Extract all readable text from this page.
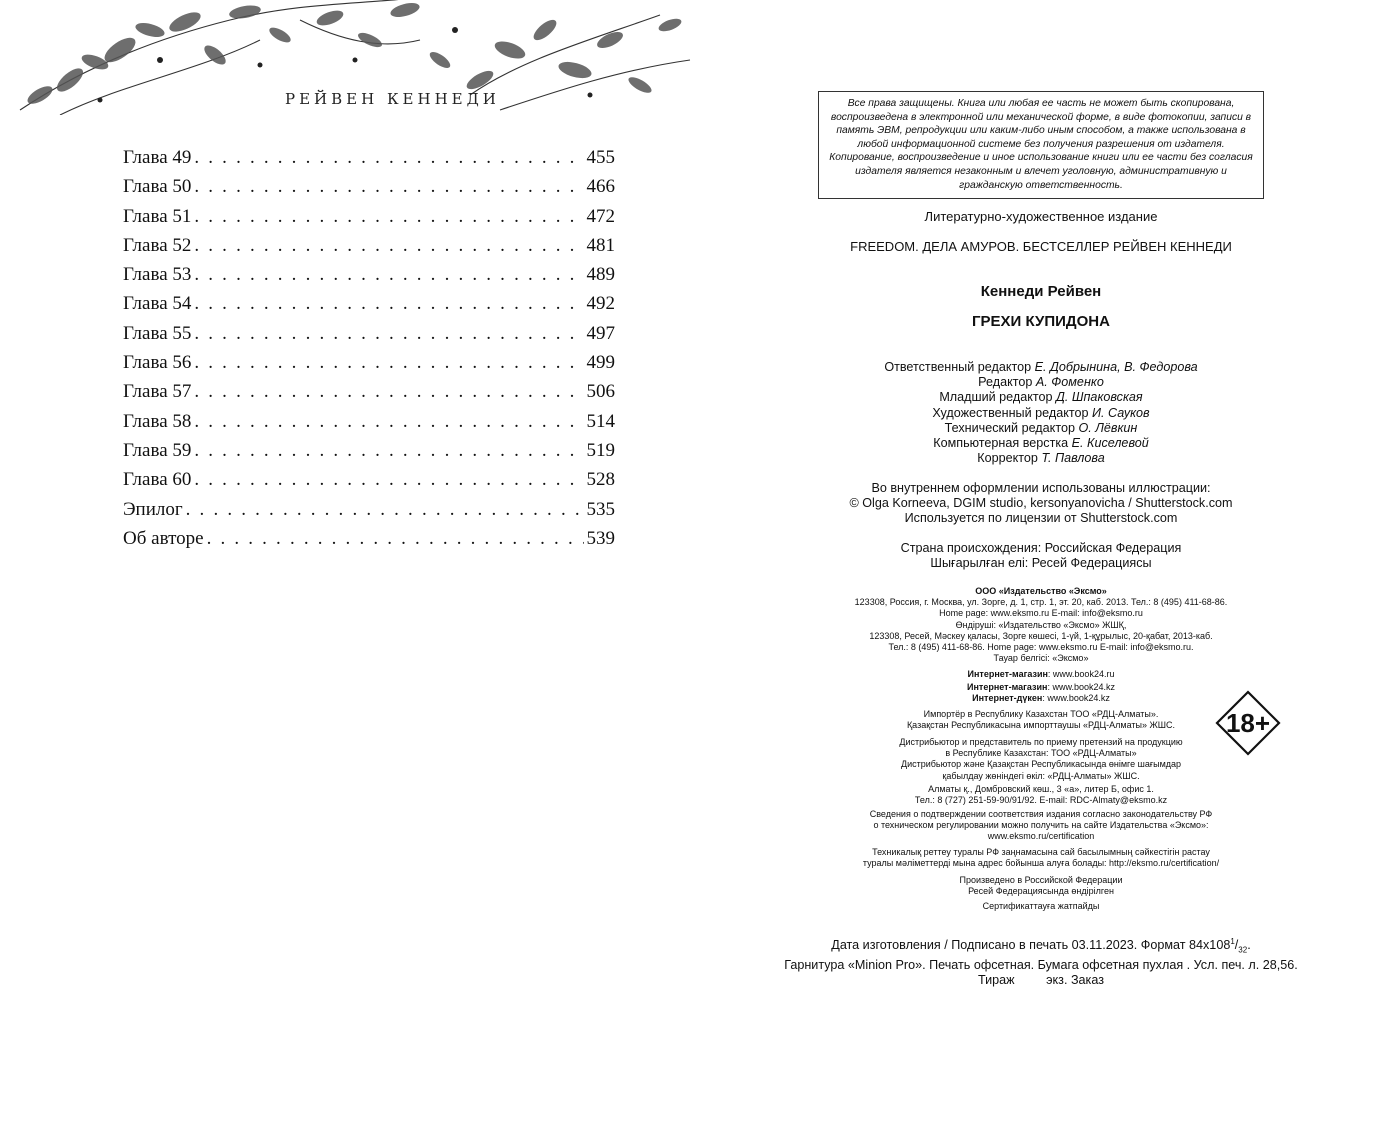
РЕЙВЕН КЕННЕДИ
Глава 49 . . .	455
Глава 50 . . .	466
Глава 51 . . .	472
Глава 52 . . .	481
Глава 53 . . .	489
Глава 54 . . .	492
Глава 55 . . .	497
Глава 56 . . .	499
Глава 57 . . .	506
Глава 58 . . .	514
Глава 59 . . .	519
Глава 60 . . .	528
Эпилог . . .	535
Об авторе . . .	539
Все права защищены. Книга или любая ее часть не может быть скопирована, воспроизведена в электронной или механической форме, в виде фотокопии, записи в память ЭВМ, репродукции или каким-либо иным способом, а также использована в любой информационной системе без получения разрешения от издателя. Копирование, воспроизведение и иное использование книги или ее части без согласия издателя является незаконным и влечет уголовную, административную и гражданскую ответственность.
Литературно-художественное издание
FREEDOM. ДЕЛА АМУРОВ. БЕСТСЕЛЛЕР РЕЙВЕН КЕННЕДИ
Кеннеди Рейвен
ГРЕХИ КУПИДОНА
Ответственный редактор Е. Добрынина, В. Федорова
Редактор А. Фоменко
Младший редактор Д. Шпаковская
Художественный редактор И. Сауков
Технический редактор О. Лёвкин
Компьютерная верстка Е. Киселевой
Корректор Т. Павлова
Во внутреннем оформлении использованы иллюстрации:
© Olga Korneeva, DGIM studio, kersonyanovicha / Shutterstock.com
Используется по лицензии от Shutterstock.com
Страна происхождения: Российская Федерация
Шығарылған елі: Ресей Федерациясы
ООО «Издательство «Эксмо»
123308, Россия, г. Москва, ул. Зорге, д. 1, стр. 1, эт. 20, каб. 2013. Тел.: 8 (495) 411-68-86.
Home page: www.eksmo.ru E-mail: info@eksmo.ru
Өндіруші: «Издательство «Эксмо» ЖШҚ,
123308, Ресей, Мәскеу қаласы, Зорге көшесі, 1-үй, 1-құрылыс, 20-қабат, 2013-каб.
Тел.: 8 (495) 411-68-86. Home page: www.eksmo.ru E-mail: info@eksmo.ru.
Тауар белгісі: «Эксмо»
Интернет-магазин: www.book24.ru
Интернет-магазин: www.book24.kz
Интернет-дүкен: www.book24.kz
Импортёр в Республику Казахстан ТОО «РДЦ-Алматы».
Қазақстан Республикасына импорттаушы «РДЦ-Алматы» ЖШС.
Дистрибьютор и представитель по приему претензий на продукцию
в Республике Казахстан: ТОО «РДЦ-Алматы»
Дистрибьютор және Қазақстан Республикасында өнімге шағымдар
қабылдау жөніндегі өкіл: «РДЦ-Алматы» ЖШС.
Алматы қ., Домбровский көш., 3 «а», литер Б, офис 1.
Тел.: 8 (727) 251-59-90/91/92. E-mail: RDC-Almaty@eksmo.kz
Сведения о подтверждении соответствия издания согласно законодательству РФ
о техническом регулировании можно получить на сайте Издательства «Эксмо»:
www.eksmo.ru/certification
Техникалық реттеу туралы РФ заңнамасына сай басылымның сәйкестігін растау
туралы мәліметтерді мына адрес бойынша алуға болады: http://eksmo.ru/certification/
Произведено в Российской Федерации
Ресей Федерациясында өндірілген
Сертификаттауға жатпайды
18+
Дата изготовления / Подписано в печать 03.11.2023. Формат $84x108^1/_{32}$.
Гарнитура «Minion Pro». Печать офсетная. Бумага офсетная пухлая . Усл. печ. л. 28,56.
Тираж         экз. Заказ
